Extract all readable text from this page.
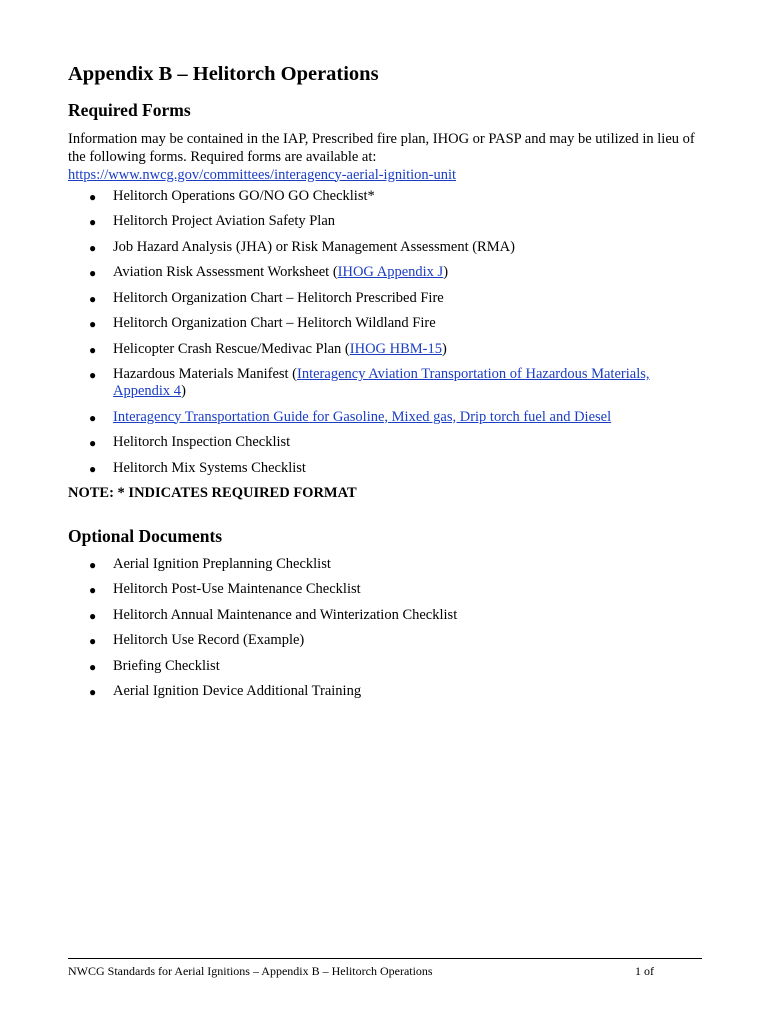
Appendix B – Helitorch Operations
Required Forms

Information may be contained in the IAP, Prescribed fire plan, IHOG or PASP and may be utilized in lieu of the following forms. Required forms are available at:
https://www.nwcg.gov/committees/interagency-aerial-ignition-unit

● Helitorch Operations GO/NO GO Checklist*
● Helitorch Project Aviation Safety Plan
● Job Hazard Analysis (JHA) or Risk Management Assessment (RMA)
● Aviation Risk Assessment Worksheet (IHOG Appendix J)
● Helitorch Organization Chart – Helitorch Prescribed Fire
● Helitorch Organization Chart – Helitorch Wildland Fire
● Helicopter Crash Rescue/Medivac Plan (IHOG HBM-15)
● Hazardous Materials Manifest (Interagency Aviation Transportation of Hazardous Materials, Appendix 4)
● Interagency Transportation Guide for Gasoline, Mixed gas, Drip torch fuel and Diesel
● Helitorch Inspection Checklist
● Helitorch Mix Systems Checklist

NOTE: * INDICATES REQUIRED FORMAT

Optional Documents
● Aerial Ignition Preplanning Checklist
● Helitorch Post-Use Maintenance Checklist
● Helitorch Annual Maintenance and Winterization Checklist
● Helitorch Use Record (Example)
● Briefing Checklist
● Aerial Ignition Device Additional Training
NWCG Standards for Aerial Ignitions – Appendix B – Helitorch Operations	1 of
